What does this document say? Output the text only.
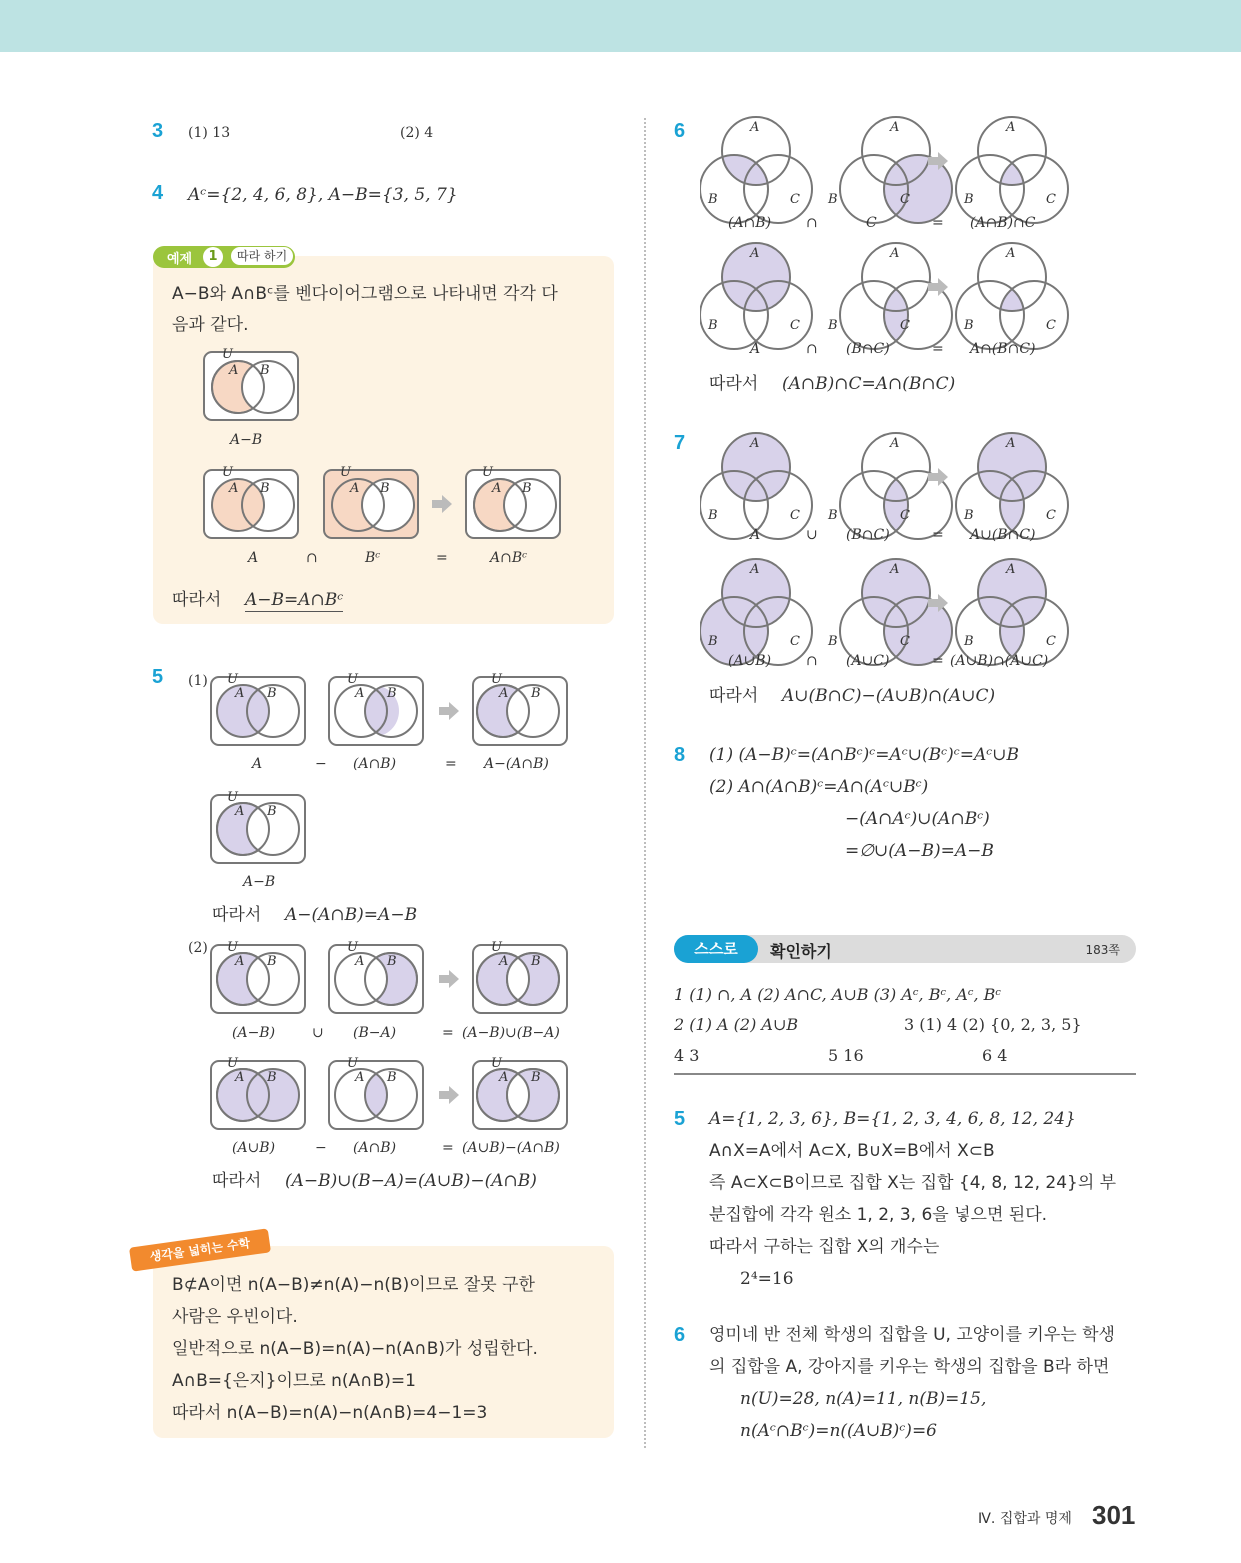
3 (1) 13	(2) 4
4 Aᶜ={2, 4, 6, 8}, A−B={3, 5, 7}
예제	1	따라 하기
A−B와 A∩Bᶜ를 벤다이어그램으로 나타내면 각각 다
음과 같다.
U
A B
U
A B
U
A B
U
A B
A−B
A	∩	Bᶜ	=	A∩Bᶜ
따라서 A−B=A∩Bᶜ
5 (1)
(2)
U
A B
U
A B
U
A B
U
A B
U
A B
U
A B
U
A B
U
A B
U
A B
U
A B
A	− (A∩B)	= A−(A∩B)
A−B
따라서 A−(A∩B)=A−B
(A−B)	∪ (B−A)	= (A−B)∪(B−A)
(A∪B)	− (A∩B)	= (A∪B)−(A∩B)
따라서 (A−B)∪(B−A)=(A∪B)−(A∩B)
생각을 넓히는 수학
B⊄A이면 n(A−B)≠n(A)−n(B)이므로 잘못 구한
사람은 우빈이다.
일반적으로 n(A−B)=n(A)−n(A∩B)가 성립한다.
A∩B={은지}이므로 n(A∩B)=1
따라서 n(A−B)=n(A)−n(A∩B)=4−1=3
6
7
A
B	C
A
B	C
A
B	C
A
B	C
A
B	C
A
B	C
A
B	C
A
B	C
A
B	C
A
B	C
A
B	C
A
B	C
(A∩B) ∩	C	= (A∩B)∩C
A	∩ (B∩C)	= A∩(B∩C)
따라서 (A∩B)∩C=A∩(B∩C)
A	∪ (B∩C)	= A∪(B∩C)
(A∪B) ∩ (A∪C)	= (A∪B)∩(A∪C)
따라서 A∪(B∩C)−(A∪B)∩(A∪C)
8 (1) (A−B)ᶜ=(A∩Bᶜ)ᶜ=Aᶜ∪(Bᶜ)ᶜ=Aᶜ∪B
(2) A∩(A∩B)ᶜ=A∩(Aᶜ∪Bᶜ)
−(A∩Aᶜ)∪(A∩Bᶜ)
=∅∪(A−B)=A−B
스스로	확인하기	183쪽
1 (1) ∩, A (2) A∩C, A∪B (3) Aᶜ, Bᶜ, Aᶜ, Bᶜ
2 (1) A (2) A∪B	3 (1) 4 (2) {0, 2, 3, 5}
4 3	5 16	6 4
5 A={1, 2, 3, 6}, B={1, 2, 3, 4, 6, 8, 12, 24}
A∩X=A에서 A⊂X, B∪X=B에서 X⊂B
즉 A⊂X⊂B이므로 집합 X는 집합 {4, 8, 12, 24}의 부
분집합에 각각 원소 1, 2, 3, 6을 넣으면 된다.
따라서 구하는 집합 X의 개수는
2⁴=16
6 영미네 반 전체 학생의 집합을 U, 고양이를 키우는 학생
의 집합을 A, 강아지를 키우는 학생의 집합을 B라 하면
n(U)=28, n(A)=11, n(B)=15,
n(Aᶜ∩Bᶜ)=n((A∪B)ᶜ)=6
Ⅳ. 집합과 명제 301
